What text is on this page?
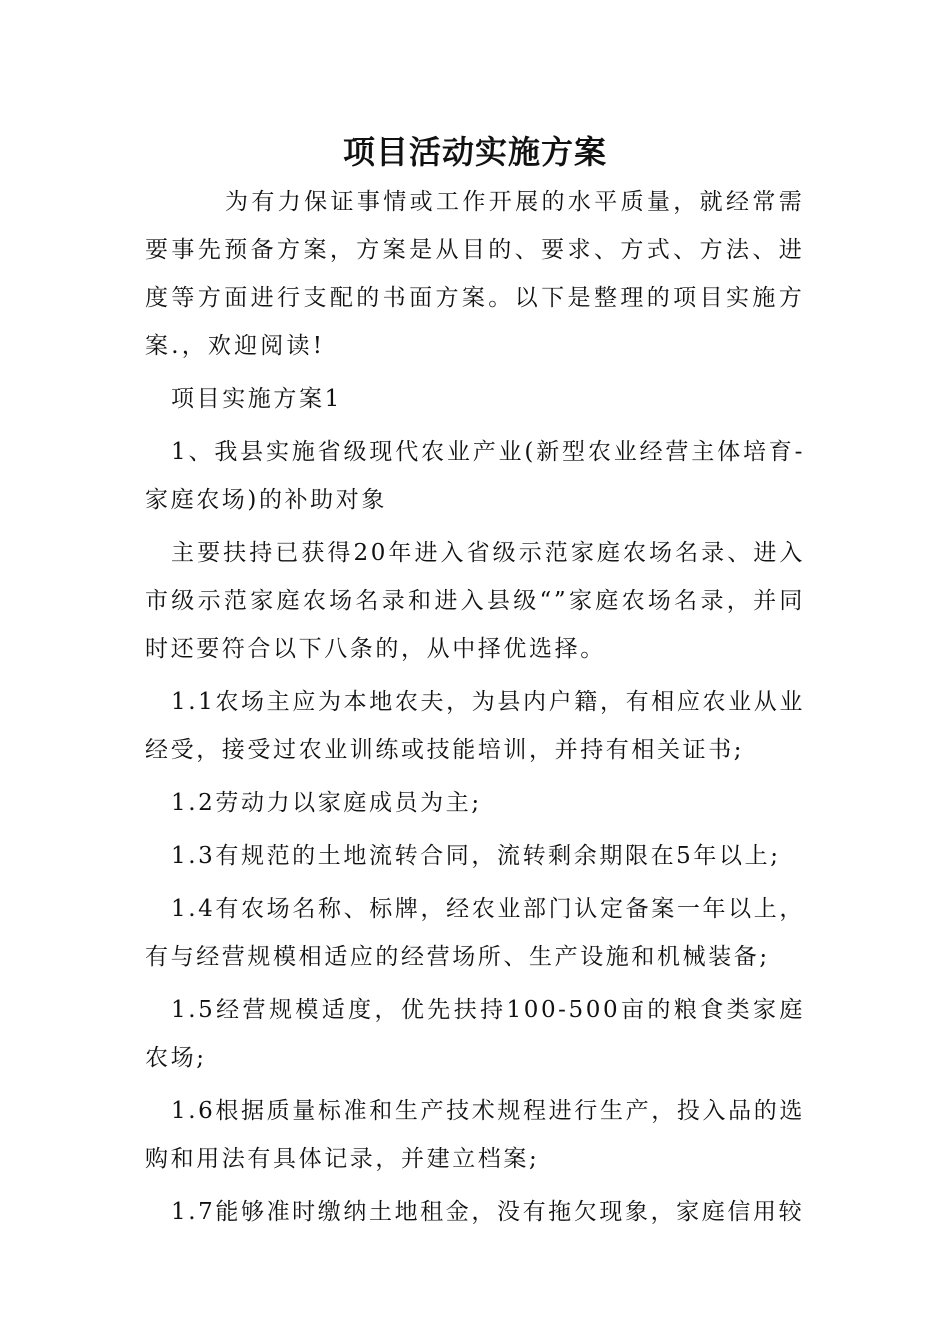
项目活动实施方案

为有力保证事情或工作开展的水平质量，就经常需要事先预备方案，方案是从目的、要求、方式、方法、进度等方面进行支配的书面方案。以下是整理的项目实施方案.，欢迎阅读!

项目实施方案1

1、我县实施省级现代农业产业(新型农业经营主体培育-家庭农场)的补助对象

主要扶持已获得20年进入省级示范家庭农场名录、进入市级示范家庭农场名录和进入县级“”家庭农场名录，并同时还要符合以下八条的，从中择优选择。

1.1农场主应为本地农夫，为县内户籍，有相应农业从业经受，接受过农业训练或技能培训，并持有相关证书;

1.2劳动力以家庭成员为主;

1.3有规范的土地流转合同，流转剩余期限在5年以上;

1.4有农场名称、标牌，经农业部门认定备案一年以上，有与经营规模相适应的经营场所、生产设施和机械装备;

1.5经营规模适度，优先扶持100-500亩的粮食类家庭农场;

1.6根据质量标准和生产技术规程进行生产，投入品的选购和用法有具体记录，并建立档案;

1.7能够准时缴纳土地租金，没有拖欠现象，家庭信用较
